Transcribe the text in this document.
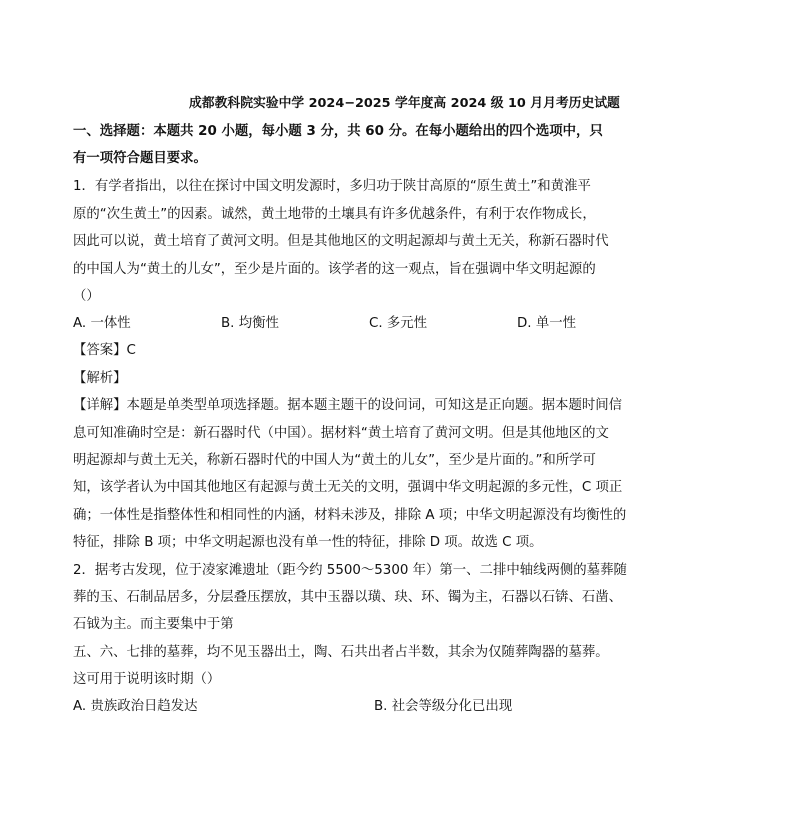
成都教科院实验中学 2024−2025 学年度高 2024 级 10 月月考历史试题
一、选择题：本题共 20 小题，每小题 3 分，共 60 分。在每小题给出的四个选项中，只
有一项符合题目要求。
1．有学者指出，以往在探讨中国文明发源时，多归功于陕甘高原的“原生黄土”和黄淮平
原的“次生黄土”的因素。诚然，黄土地带的土壤具有许多优越条件，有利于农作物成长，
因此可以说，黄土培育了黄河文明。但是其他地区的文明起源却与黄土无关，称新石器时代
的中国人为“黄土的儿女”，至少是片面的。该学者的这一观点，旨在强调中华文明起源的
（）
A. 一体性	B. 均衡性	C. 多元性	D. 单一性
【答案】C
【解析】
【详解】本题是单类型单项选择题。据本题主题干的设问词，可知这是正向题。据本题时间信
息可知准确时空是：新石器时代（中国）。据材料“黄土培育了黄河文明。但是其他地区的文
明起源却与黄土无关，称新石器时代的中国人为“黄土的儿女”，至少是片面的。”和所学可
知，该学者认为中国其他地区有起源与黄土无关的文明，强调中华文明起源的多元性，C 项正
确；一体性是指整体性和相同性的内涵，材料未涉及，排除 A 项；中华文明起源没有均衡性的
特征，排除 B 项；中华文明起源也没有单一性的特征，排除 D 项。故选 C 项。
2．据考古发现，位于凌家滩遗址（距今约 5500～5300 年）第一、二排中轴线两侧的墓葬随
葬的玉、石制品居多，分层叠压摆放，其中玉器以璜、玦、环、镯为主，石器以石锛、石凿、
石钺为主。而主要集中于第
五、六、七排的墓葬，均不见玉器出土，陶、石共出者占半数，其余为仅随葬陶器的墓葬。
这可用于说明该时期（）
A. 贵族政治日趋发达	B. 社会等级分化已出现
